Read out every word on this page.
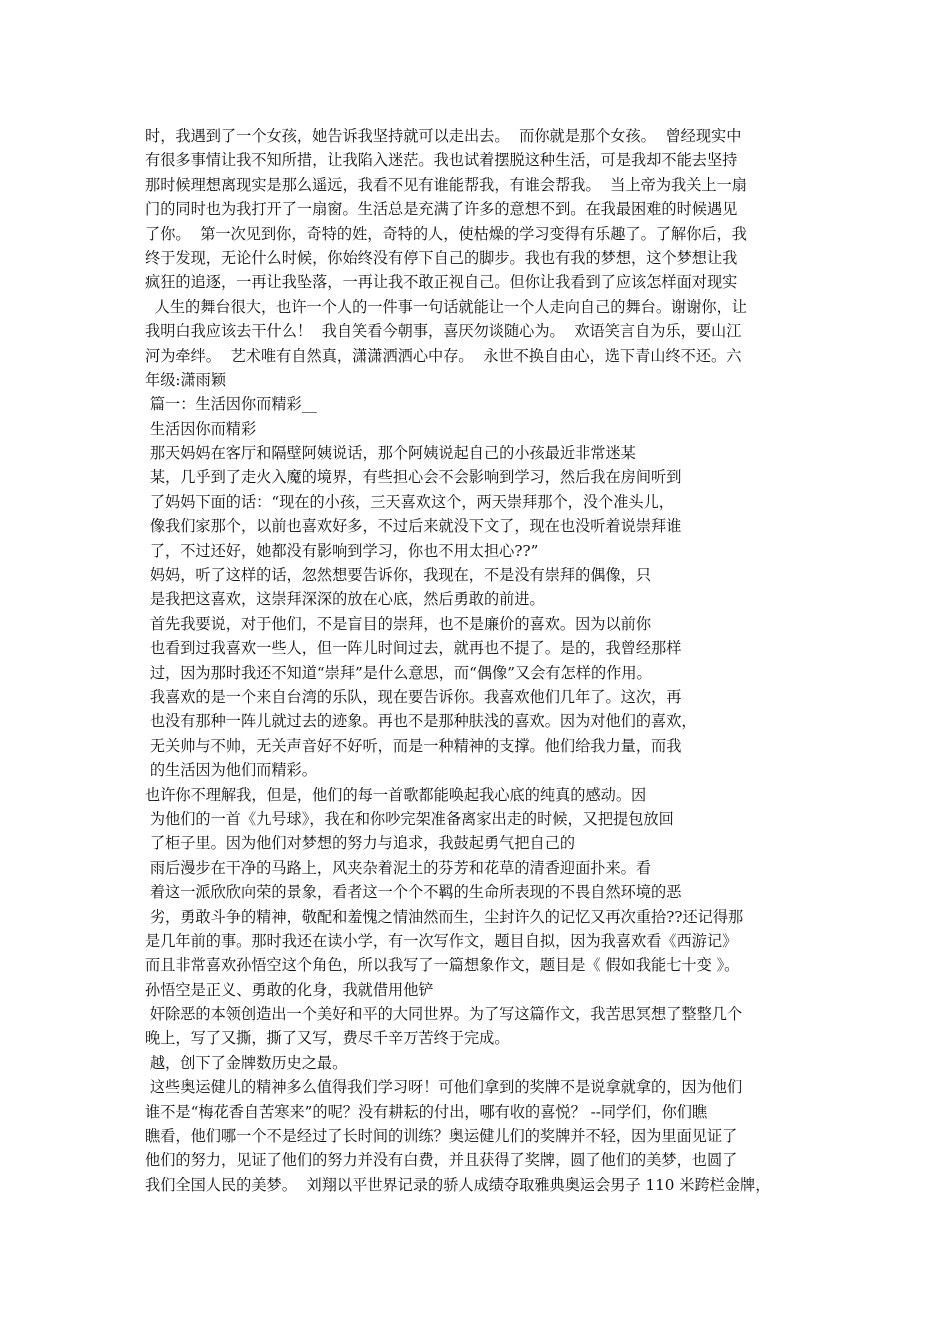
时，我遇到了一个女孩，她告诉我坚持就可以走出去。  而你就是那个女孩。  曾经现实中
有很多事情让我不知所措，让我陷入迷茫。我也试着摆脱这种生活，可是我却不能去坚持
那时候理想离现实是那么遥远，我看不见有谁能帮我，有谁会帮我。  当上帝为我关上一扇
门的同时也为我打开了一扇窗。生活总是充满了许多的意想不到。在我最困难的时候遇见
了你。  第一次见到你，奇特的姓，奇特的人，使枯燥的学习变得有乐趣了。了解你后，我
终于发现，无论什么时候，你始终没有停下自己的脚步。我也有我的梦想，这个梦想让我
疯狂的追逐，一再让我坠落，一再让我不敢正视自己。但你让我看到了应该怎样面对现实
人生的舞台很大，也许一个人的一件事一句话就能让一个人走向自己的舞台。谢谢你，让
我明白我应该去干什么！  我自笑看今朝事，喜厌勿谈随心为。  欢语笑言自为乐，要山江
河为牵绊。  艺术唯有自然真，潇潇洒洒心中存。  永世不换自由心，选下青山终不还。六
年级:潇雨颖
篇一：生活因你而精彩__
生活因你而精彩
那天妈妈在客厅和隔壁阿姨说话，那个阿姨说起自己的小孩最近非常迷某
某，几乎到了走火入魔的境界，有些担心会不会影响到学习，然后我在房间听到
了妈妈下面的话：“现在的小孩，三天喜欢这个，两天崇拜那个，没个准头儿，
像我们家那个，以前也喜欢好多，不过后来就没下文了，现在也没听着说崇拜谁
了，不过还好，她都没有影响到学习，你也不用太担心??”
妈妈，听了这样的话，忽然想要告诉你，我现在，不是没有崇拜的偶像，只
是我把这喜欢，这崇拜深深的放在心底，然后勇敢的前进。
首先我要说，对于他们，不是盲目的崇拜，也不是廉价的喜欢。因为以前你
也看到过我喜欢一些人，但一阵儿时间过去，就再也不提了。是的，我曾经那样
过，因为那时我还不知道“崇拜”是什么意思，而“偶像”又会有怎样的作用。
我喜欢的是一个来自台湾的乐队，现在要告诉你。我喜欢他们几年了。这次，再
也没有那种一阵儿就过去的迹象。再也不是那种肤浅的喜欢。因为对他们的喜欢，
无关帅与不帅，无关声音好不好听，而是一种精神的支撑。他们给我力量，而我
的生活因为他们而精彩。
也许你不理解我，但是，他们的每一首歌都能唤起我心底的纯真的感动。因
为他们的一首《九号球》，我在和你吵完架准备离家出走的时候，又把提包放回
了柜子里。因为他们对梦想的努力与追求，我鼓起勇气把自己的
雨后漫步在干净的马路上，风夹杂着泥土的芬芳和花草的清香迎面扑来。看
着这一派欣欣向荣的景象，看者这一个个不羁的生命所表现的不畏自然环境的恶
劣，勇敢斗争的精神，敬配和羞愧之情油然而生，尘封许久的记忆又再次重拾??还记得那
是几年前的事。那时我还在读小学，有一次写作文，题目自拟，因为我喜欢看《西游记》
而且非常喜欢孙悟空这个角色，所以我写了一篇想象作文，题目是《 假如我能七十变 》。
孙悟空是正义、勇敢的化身，我就借用他铲
奸除恶的本领创造出一个美好和平的大同世界。为了写这篇作文，我苦思冥想了整整几个
晚上，写了又撕，撕了又写，费尽千辛万苦终于完成。
越，创下了金牌数历史之最。
这些奥运健儿的精神多么值得我们学习呀！可他们拿到的奖牌不是说拿就拿的，因为他们
谁不是“梅花香自苦寒来”的呢？没有耕耘的付出，哪有收的喜悦？ --同学们，你们瞧
瞧看，他们哪一个不是经过了长时间的训练？奥运健儿们的奖牌并不轻，因为里面见证了
他们的努力，见证了他们的努力并没有白费，并且获得了奖牌，圆了他们的美梦，也圆了
我们全国人民的美梦。  刘翔以平世界记录的骄人成绩夺取雅典奥运会男子 110 米跨栏金牌，
